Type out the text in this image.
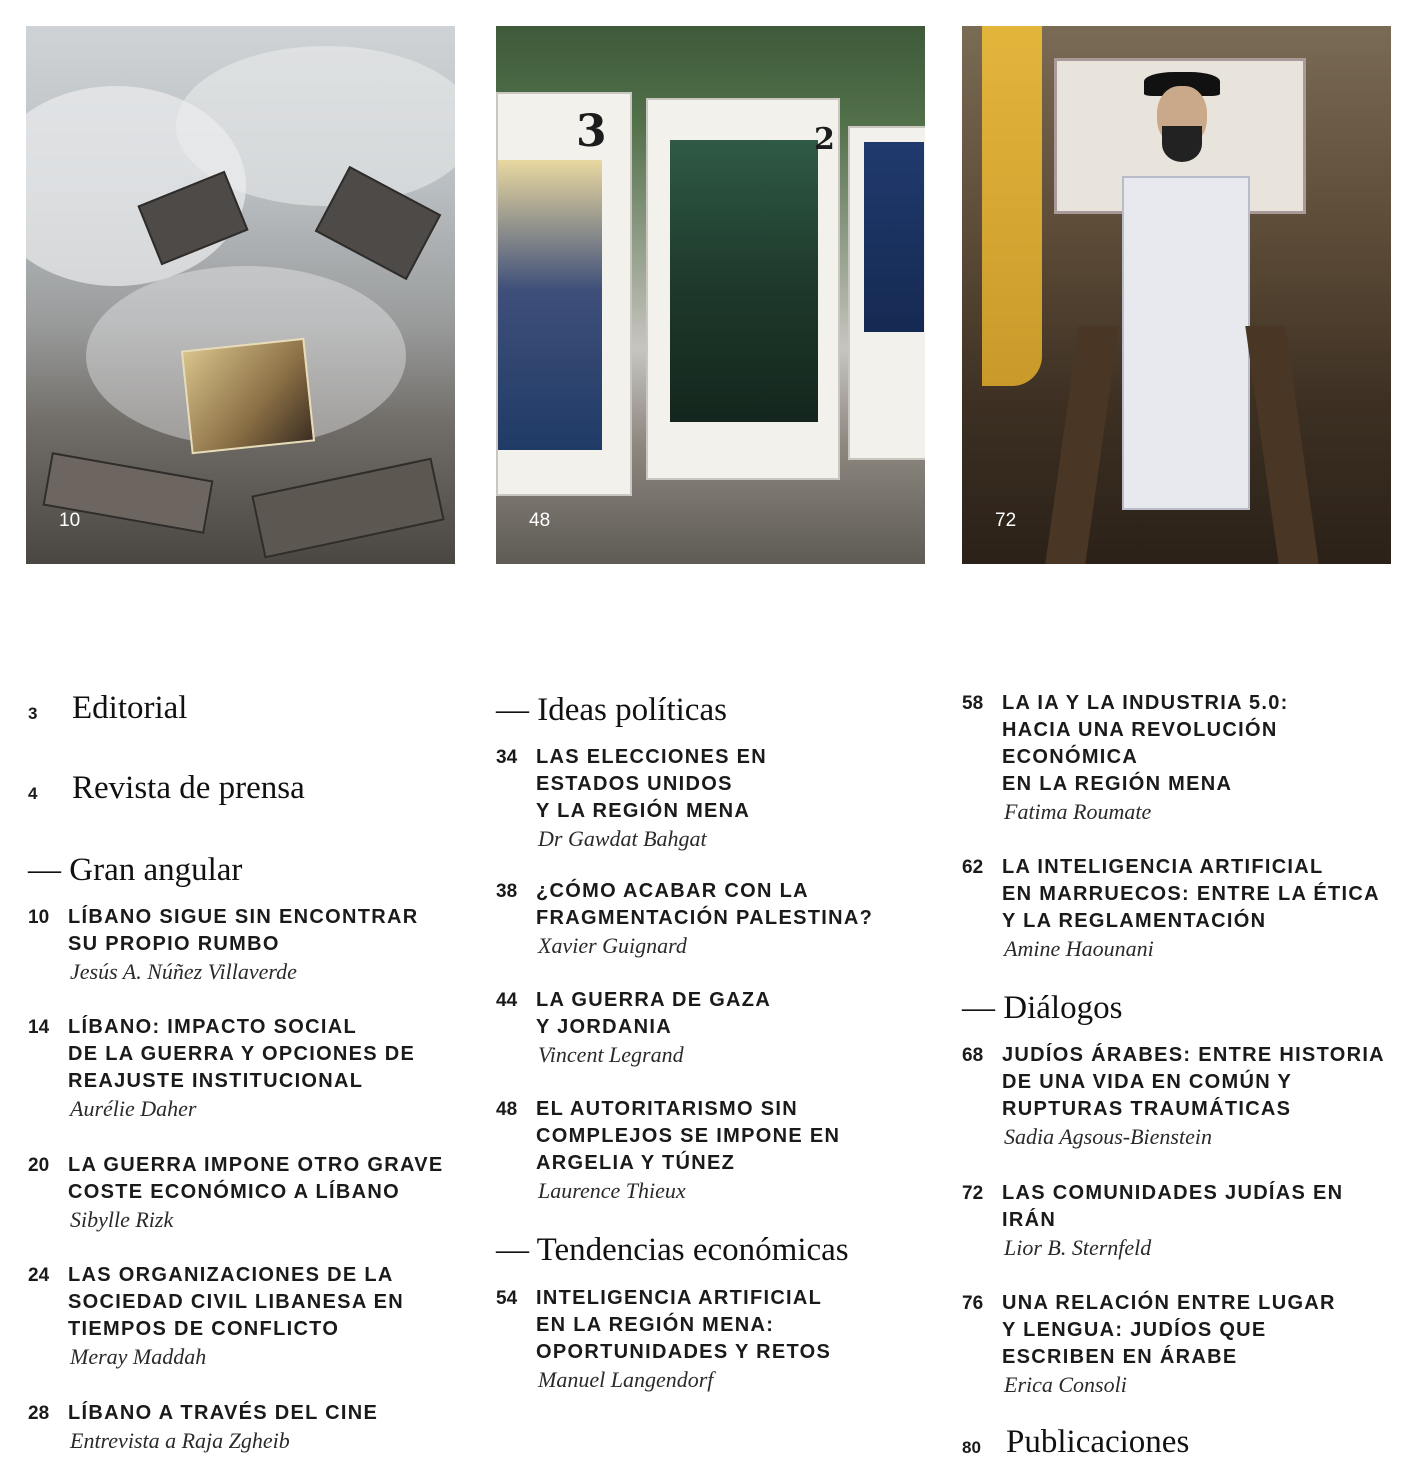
10
3	2
48	72
3 Editorial
4 Revista de prensa
— Gran angular
10 LÍBANO SIGUE SIN ENCONTRAR
SU PROPIO RUMBO
Jesús A. Núñez Villaverde
14 LÍBANO: IMPACTO SOCIAL
DE LA GUERRA Y OPCIONES DE
REAJUSTE INSTITUCIONAL
Aurélie Daher
20 LA GUERRA IMPONE OTRO GRAVE
COSTE ECONÓMICO A LÍBANO
Sibylle Rizk
24 LAS ORGANIZACIONES DE LA
SOCIEDAD CIVIL LIBANESA EN
TIEMPOS DE CONFLICTO
Meray Maddah
28 LÍBANO A TRAVÉS DEL CINE
Entrevista a Raja Zgheib
— Ideas políticas
34 LAS ELECCIONES EN
ESTADOS UNIDOS
Y LA REGIÓN MENA
Dr Gawdat Bahgat
38 ¿CÓMO ACABAR CON LA
FRAGMENTACIÓN PALESTINA?
Xavier Guignard
44 LA GUERRA DE GAZA
Y JORDANIA
Vincent Legrand
48 EL AUTORITARISMO SIN
COMPLEJOS SE IMPONE EN
ARGELIA Y TÚNEZ
Laurence Thieux
— Tendencias económicas
54 INTELIGENCIA ARTIFICIAL
EN LA REGIÓN MENA:
OPORTUNIDADES Y RETOS
Manuel Langendorf
58 LA IA Y LA INDUSTRIA 5.0:
HACIA UNA REVOLUCIÓN
ECONÓMICA
EN LA REGIÓN MENA
Fatima Roumate
62 LA INTELIGENCIA ARTIFICIAL
EN MARRUECOS: ENTRE LA ÉTICA
Y LA REGLAMENTACIÓN
Amine Haounani
— Diálogos
68 JUDÍOS ÁRABES: ENTRE HISTORIA
DE UNA VIDA EN COMÚN Y
RUPTURAS TRAUMÁTICAS
Sadia Agsous-Bienstein
72 LAS COMUNIDADES JUDÍAS EN
IRÁN
Lior B. Sternfeld
76 UNA RELACIÓN ENTRE LUGAR
Y LENGUA: JUDÍOS QUE
ESCRIBEN EN ÁRABE
Erica Consoli
80 Publicaciones
